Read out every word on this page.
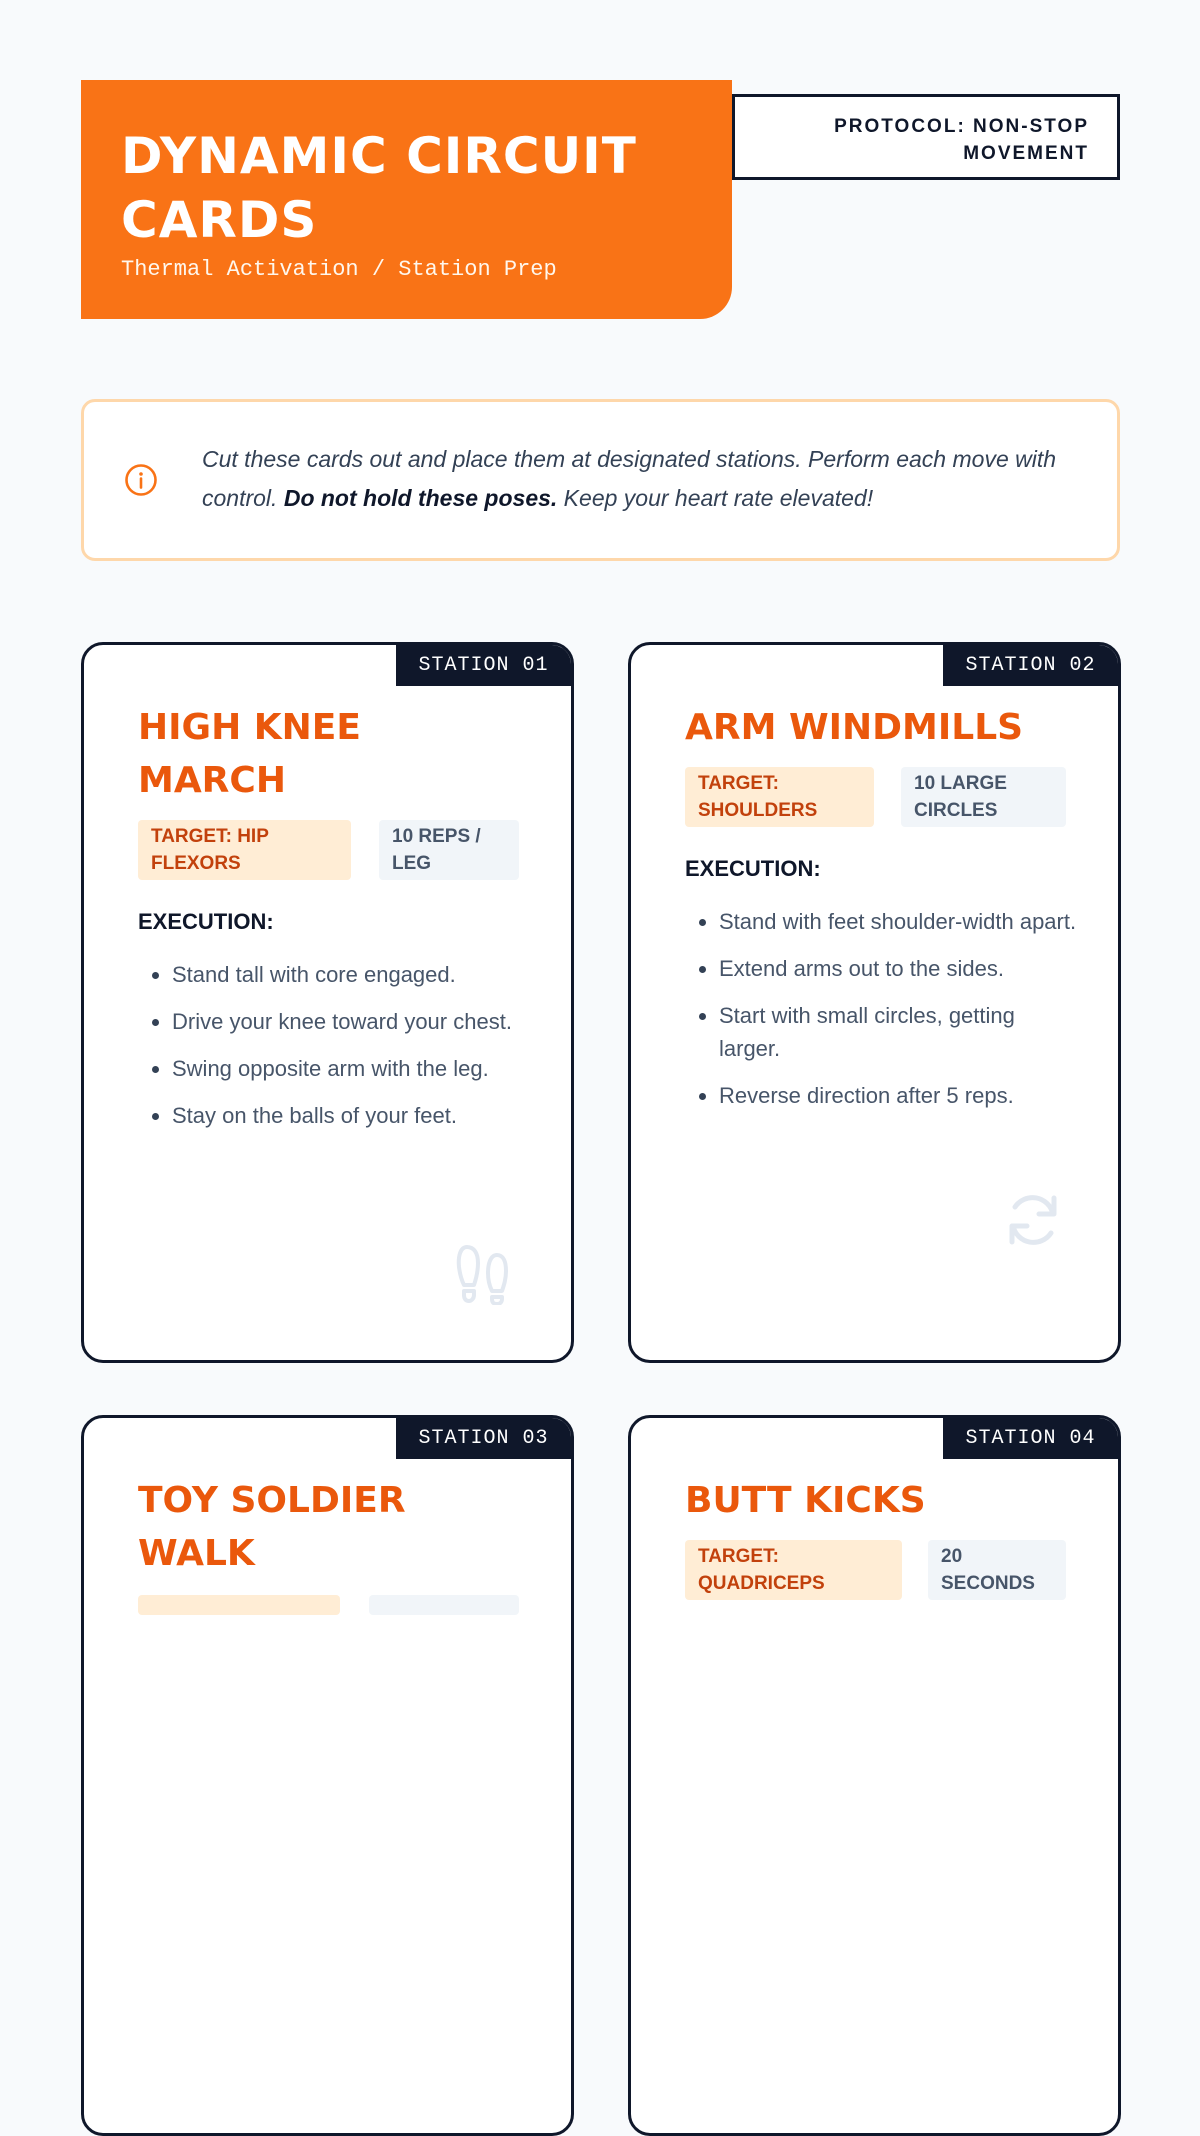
DYNAMIC CIRCUIT CARDS
Thermal Activation / Station Prep
PROTOCOL: NON-STOP MOVEMENT
Cut these cards out and place them at designated stations. Perform each move with control. Do not hold these poses. Keep your heart rate elevated!
STATION 01
HIGH KNEE MARCH
TARGET: HIP FLEXORS
10 REPS / LEG
EXECUTION:
• Stand tall with core engaged.
• Drive your knee toward your chest.
• Swing opposite arm with the leg.
• Stay on the balls of your feet.
STATION 02
ARM WINDMILLS
TARGET: SHOULDERS
10 LARGE CIRCLES
EXECUTION:
• Stand with feet shoulder-width apart.
• Extend arms out to the sides.
• Start with small circles, getting larger.
• Reverse direction after 5 reps.
STATION 03
TOY SOLDIER WALK
STATION 04
BUTT KICKS
TARGET: QUADRICEPS
20 SECONDS
